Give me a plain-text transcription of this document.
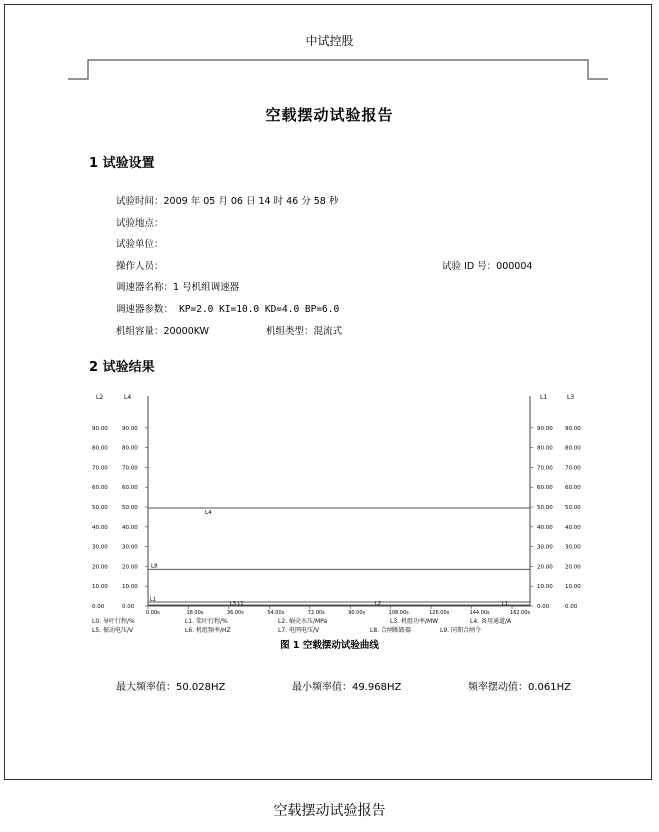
中试控股
空载摆动试验报告
1 试验设置
试验时间：2009 年 05 月 06 日 14 时 46 分 58 秒
试验地点：
试验单位：
操作人员：	试验 ID 号：000004
调速器名称：1 号机组调速器
调速器参数： KP=2.0 KI=10.0 KD=4.0 BP=6.0
机组容量：20000KW	机组类型：混流式
2 试验结果
L2	L4	L1	L3
0.00	0.00	0.00	0.00
10.00	10.00	10.00 10.00
20.00	20.00	20.00 20.00
30.00	30.00	30.00 30.00
40.00	40.00	40.00 40.00
50.00	50.00	50.00 50.00
60.00	60.00	60.00 60.00
70.00	70.00	70.00 70.00
80.00	80.00	80.00 80.00
90.00	90.00	90.00 90.00
0.00s	18.00s	36.00s	54.00s	72.00s	90.00s	108.00s	126.00s	144.00s	162.00s
L4
L8
L1
L3 L1	L2	L1
L0. 导叶行程/%	L1. 桨叶行程/%	L2. 蜗壳水压/MPa	L3. 机组功率/MW	L4. 备用通道/A
L5. 振动电压/V	L6. 机组频率/HZ	L7. 电网电压/V	L8. 合闸断路器	L9. 同期合闸令
图 1 空载摆动试验曲线
最大频率值：50.028HZ	最小频率值：49.968HZ	频率摆动值：0.061HZ
空载摆动试验报告
